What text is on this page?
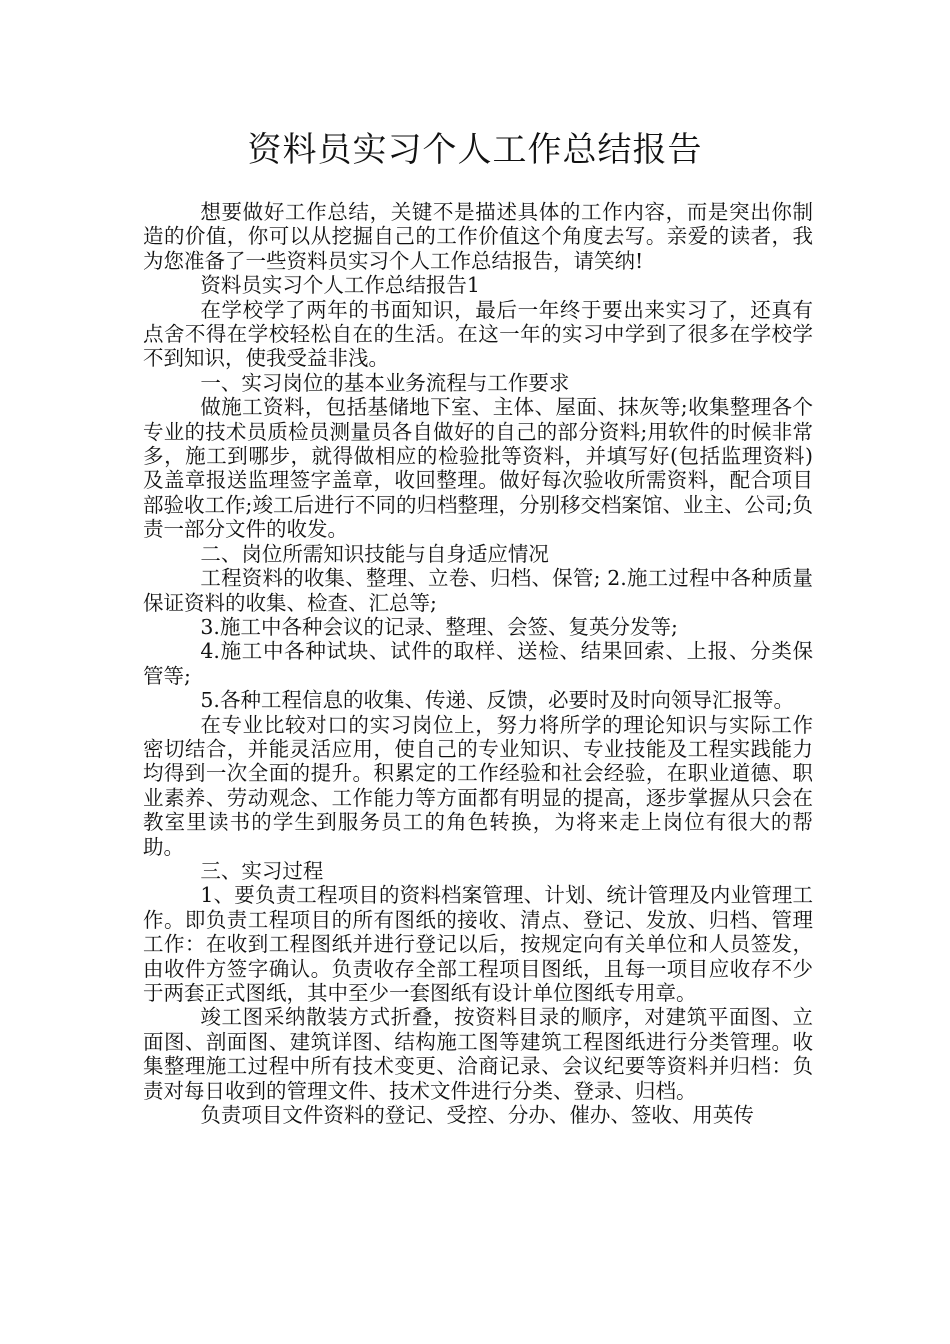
资料员实习个人工作总结报告

想要做好工作总结，关键不是描述具体的工作内容，而是突出你制造的价值，你可以从挖掘自己的工作价值这个角度去写。亲爱的读者，我为您准备了一些资料员实习个人工作总结报告，请笑纳!

资料员实习个人工作总结报告1

在学校学了两年的书面知识，最后一年终于要出来实习了，还真有点舍不得在学校轻松自在的生活。在这一年的实习中学到了很多在学校学不到知识，使我受益非浅。

一、实习岗位的基本业务流程与工作要求

做施工资料，包括基储地下室、主体、屋面、抹灰等;收集整理各个专业的技术员质检员测量员各自做好的自己的部分资料;用软件的时候非常多，施工到哪步，就得做相应的检验批等资料，并填写好(包括监理资料)及盖章报送监理签字盖章，收回整理。做好每次验收所需资料，配合项目部验收工作;竣工后进行不同的归档整理，分别移交档案馆、业主、公司;负责一部分文件的收发。

二、岗位所需知识技能与自身适应情况

工程资料的收集、整理、立卷、归档、保管; 2.施工过程中各种质量保证资料的收集、检查、汇总等;

3.施工中各种会议的记录、整理、会签、复英分发等;

4.施工中各种试块、试件的取样、送检、结果回索、上报、分类保管等;

5.各种工程信息的收集、传递、反馈，必要时及时向领导汇报等。

在专业比较对口的实习岗位上，努力将所学的理论知识与实际工作密切结合，并能灵活应用，使自己的专业知识、专业技能及工程实践能力均得到一次全面的提升。积累定的工作经验和社会经验，在职业道德、职业素养、劳动观念、工作能力等方面都有明显的提高，逐步掌握从只会在教室里读书的学生到服务员工的角色转换，为将来走上岗位有很大的帮助。

三、实习过程

1、要负责工程项目的资料档案管理、计划、统计管理及内业管理工作。即负责工程项目的所有图纸的接收、清点、登记、发放、归档、管理工作：在收到工程图纸并进行登记以后，按规定向有关单位和人员签发，由收件方签字确认。负责收存全部工程项目图纸，且每一项目应收存不少于两套正式图纸，其中至少一套图纸有设计单位图纸专用章。

竣工图采纳散装方式折叠，按资料目录的顺序，对建筑平面图、立面图、剖面图、建筑详图、结构施工图等建筑工程图纸进行分类管理。收集整理施工过程中所有技术变更、洽商记录、会议纪要等资料并归档：负责对每日收到的管理文件、技术文件进行分类、登录、归档。

负责项目文件资料的登记、受控、分办、催办、签收、用英传
